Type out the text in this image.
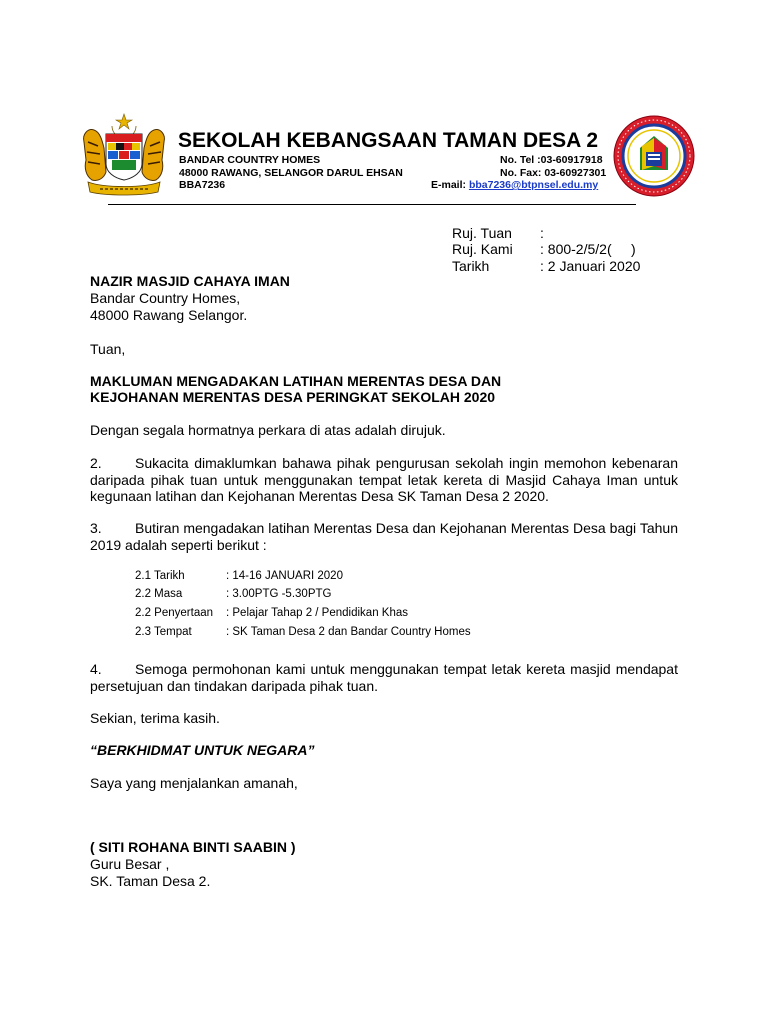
SEKOLAH KEBANGSAAN TAMAN DESA 2
BANDAR COUNTRY HOMES
48000 RAWANG, SELANGOR DARUL EHSAN
BBA7236
No. Tel :03-60917918
No. Fax: 03-60927301
E-mail: bba7236@btpnsel.edu.my
Ruj. Tuan :
Ruj. Kami : 800-2/5/2(     )
Tarikh	: 2 Januari 2020
NAZIR MASJID CAHAYA IMAN
Bandar Country Homes,
48000 Rawang Selangor.
Tuan,
MAKLUMAN MENGADAKAN LATIHAN MERENTAS DESA DAN
KEJOHANAN MERENTAS DESA PERINGKAT SEKOLAH 2020
Dengan segala hormatnya perkara di atas adalah dirujuk.
2. Sukacita dimaklumkan bahawa pihak pengurusan sekolah ingin memohon kebenaran
daripada pihak tuan untuk menggunakan tempat letak kereta di Masjid Cahaya Iman untuk
kegunaan latihan dan Kejohanan Merentas Desa SK Taman Desa 2 2020.
3. Butiran mengadakan latihan Merentas Desa dan Kejohanan Merentas Desa bagi Tahun
2019 adalah seperti berikut :
2.1 Tarikh	: 14-16 JANUARI 2020
2.2 Masa	: 3.00PTG -5.30PTG
2.2 Penyertaan : Pelajar Tahap 2 / Pendidikan Khas
2.3 Tempat	: SK Taman Desa 2 dan Bandar Country Homes
4. Semoga permohonan kami untuk menggunakan tempat letak kereta masjid mendapat
persetujuan dan tindakan daripada pihak tuan.
Sekian, terima kasih.
“BERKHIDMAT UNTUK NEGARA”
Saya yang menjalankan amanah,
( SITI ROHANA BINTI SAABIN )
Guru Besar ,
SK. Taman Desa 2.
